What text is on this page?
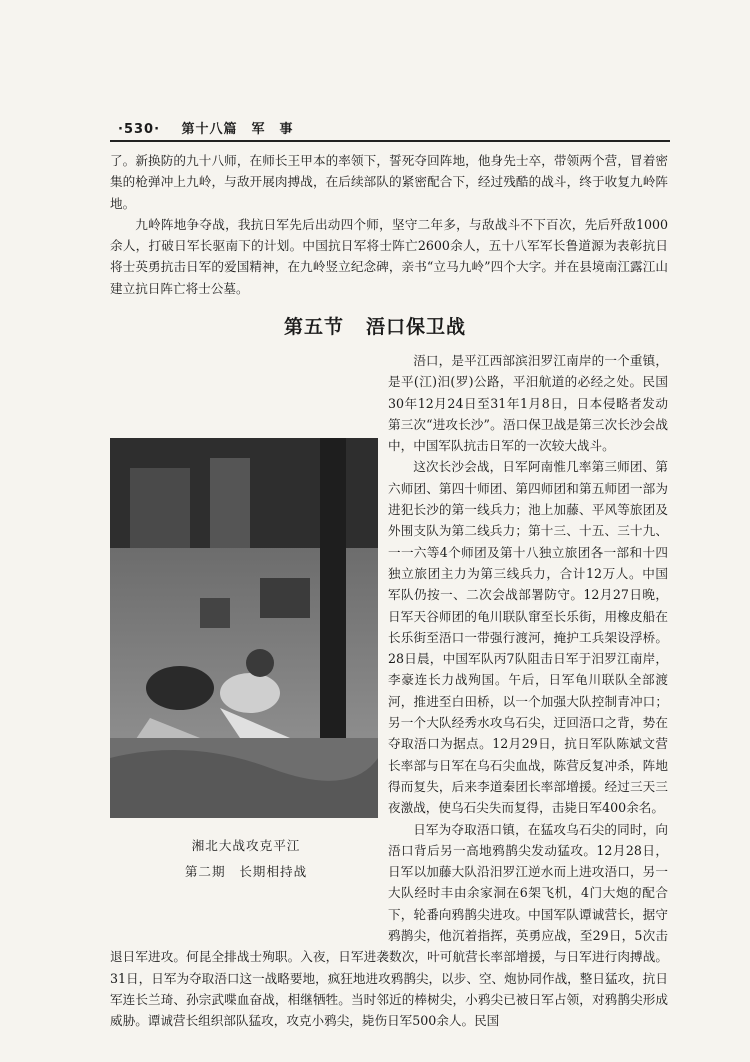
·530· 第十八篇　军　事

了。新换防的九十八师，在师长王甲本的率领下，誓死夺回阵地，他身先士卒，带领两个营，冒着密集的枪弹冲上九岭，与敌开展肉搏战，在后续部队的紧密配合下，经过残酷的战斗，终于收复九岭阵地。

九岭阵地争夺战，我抗日军先后出动四个师，坚守二年多，与敌战斗不下百次，先后歼敌1000余人，打破日军长驱南下的计划。中国抗日军将士阵亡2600余人，五十八军军长鲁道源为表彰抗日将士英勇抗击日军的爱国精神，在九岭竖立纪念碑，亲书“立马九岭”四个大字。并在县境南江露江山建立抗日阵亡将士公墓。

第五节 浯口保卫战
湘北大战攻克平江
第二期　长期相持战

浯口，是平江西部滨汨罗江南岸的一个重镇，是平(江)汨(罗)公路，平汨航道的必经之处。民国30年12月24日至31年1月8日，日本侵略者发动第三次“进攻长沙”。浯口保卫战是第三次长沙会战中，中国军队抗击日军的一次较大战斗。

这次长沙会战，日军阿南惟几率第三师团、第六师团、第四十师团、第四师团和第五师团一部为进犯长沙的第一线兵力；池上加藤、平风等旅团及外围支队为第二线兵力；第十三、十五、三十九、一一六等4个师团及第十八独立旅团各一部和十四独立旅团主力为第三线兵力，合计12万人。中国军队仍按一、二次会战部署防守。12月27日晚，日军天谷师团的龟川联队窜至长乐街，用橡皮船在长乐街至浯口一带强行渡河，掩护工兵架设浮桥。28日晨，中国军队丙7队阻击日军于汨罗江南岸，李豪连长力战殉国。午后，日军龟川联队全部渡河，推进至白田桥，以一个加强大队控制青冲口；另一个大队经秀水攻乌石尖，迂回浯口之背，势在夺取浯口为据点。12月29日，抗日军队陈斌文营长率部与日军在乌石尖血战，陈营反复冲杀，阵地得而复失，后来李道秦团长率部增援。经过三天三夜激战，使乌石尖失而复得，击毙日军400余名。

日军为夺取浯口镇，在猛攻乌石尖的同时，向浯口背后另一高地鸦鹊尖发动猛攻。12月28日，日军以加藤大队沿汨罗江逆水而上进攻浯口，另一大队经时丰由余家洞在6架飞机，4门大炮的配合下，轮番向鸦鹊尖进攻。中国军队谭诚营长，据守鸦鹊尖，他沉着指挥，英勇应战，至29日，5次击退日军进攻。何昆全排战士殉职。入夜，日军进袭数次，叶可航营长率部增援，与日军进行肉搏战。31日，日军为夺取浯口这一战略要地，疯狂地进攻鸦鹊尖，以步、空、炮协同作战，整日猛攻，抗日军连长兰琦、孙宗武喋血奋战，相继牺牲。当时邻近的棒树尖，小鸦尖已被日军占领，对鸦鹊尖形成威胁。谭诚营长组织部队猛攻，攻克小鸦尖，毙伤日军500余人。民国
